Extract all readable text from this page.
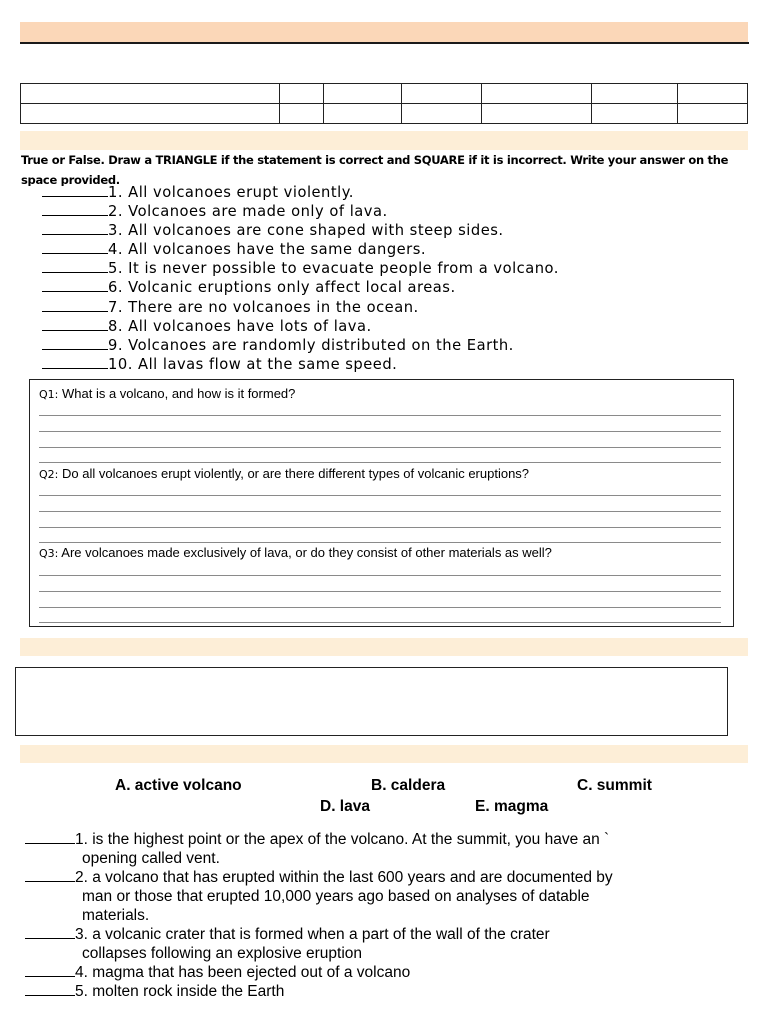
True or False. Draw a TRIANGLE if the statement is correct and SQUARE if it is incorrect. Write your answer on the space provided.
1. All volcanoes erupt violently.
2. Volcanoes are made only of lava.
3. All volcanoes are cone shaped with steep sides.
4. All volcanoes have the same dangers.
5. It is never possible to evacuate people from a volcano.
6. Volcanic eruptions only affect local areas.
7. There are no volcanoes in the ocean.
8. All volcanoes have lots of lava.
9. Volcanoes are randomly distributed on the Earth.
10. All lavas flow at the same speed.
Q1: What is a volcano, and how is it formed?
Q2: Do all volcanoes erupt violently, or are there different types of volcanic eruptions?
Q3: Are volcanoes made exclusively of lava, or do they consist of other materials as well?
A. active volcano	B. caldera	C. summit
D. lava	E. magma
1. is the highest point or the apex of the volcano. At the summit, you have an `
opening called vent.
2. a volcano that has erupted within the last 600 years and are documented by
man or those that erupted 10,000 years ago based on analyses of datable
materials.
3. a volcanic crater that is formed when a part of the wall of the crater
collapses following an explosive eruption
4. magma that has been ejected out of a volcano
5. molten rock inside the Earth
